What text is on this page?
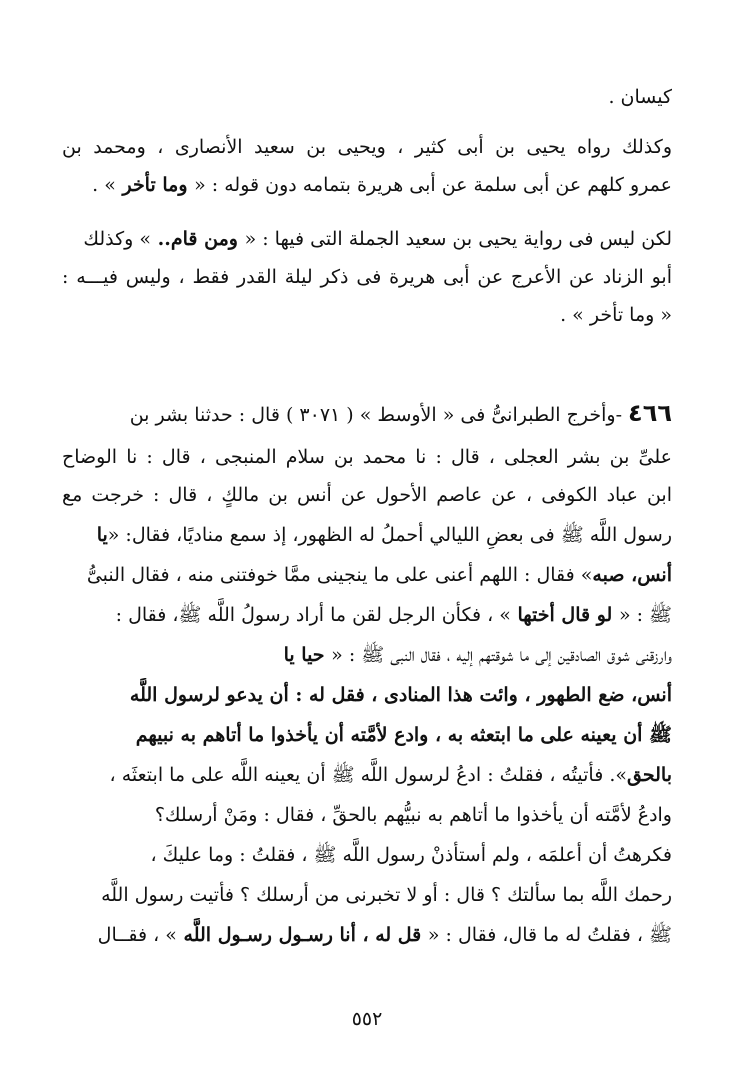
كيسان .
وكذلك رواه يحيى بن أبى كثير ، ويحيى بن سعيد الأنصارى ، ومحمد بن
عمرو كلهم عن أبى سلمة عن أبى هريرة بتمامه دون قوله : « وما تأخر » .
لكن ليس فى رواية يحيى بن سعيد الجملة التى فيها : « ومن قام.. » وكذلك
أبو الزناد عن الأعرج عن أبى هريرة فى ذكر ليلة القدر فقط ، وليس فيـــه :
« وما تأخر » .
٤٦٦ -وأخرج الطبرانىُّ فى « الأوسط » ( ٣٠٧١ ) قال : حدثنا بشر بن
علىِّ بن بشر العجلى ، قال : نا محمد بن سلام المنبجى ، قال : نا الوضاح
ابن عباد الكوفى ، عن عاصم الأحول عن أنس بن مالكٍ ، قال : خرجت مع
رسول اللَّه ﷺ فى بعضِ الليالي أحملُ له الظهور، إذ سمع مناديًا، فقال: «يا
أنس، صبه» فقال : اللهم أعنى على ما ينجينى ممَّا خوفتنى منه ، فقال النبىُّ
ﷺ : « لو قال أختها » ، فكأن الرجل لقن ما أراد رسولُ اللَّه ﷺ، فقال :
وارزقنى شوق الصادقين إلى ما شوقتهم إليه ، فقال النبى ﷺ : « حيا يا
أنس، ضع الطهور ، وائت هذا المنادى ، فقل له : أن يدعو لرسول اللَّه
ﷺ أن يعينه على ما ابتعثه به ، وادع لأمَّته أن يأخذوا ما أتاهم به نبيهم
بالحق». فأتيتُه ، فقلتُ : ادعُ لرسول اللَّه ﷺ أن يعينه اللَّه على ما ابتعثَه ،
وادعُ لأمَّته أن يأخذوا ما أتاهم به نبيُّهم بالحقِّ ، فقال : ومَنْ أرسلك؟
فكرهتُ أن أعلمَه ، ولم أستأذنْ رسول اللَّه ﷺ ، فقلتُ : وما عليكَ ،
رحمك اللَّه بما سألتك ؟ قال : أو لا تخبرنى من أرسلك ؟ فأتيت رسول اللَّه
ﷺ ، فقلتُ له ما قال، فقال : « قل له ، أنا رسـول رسـول اللَّه » ، فقــال
٥٥٢
